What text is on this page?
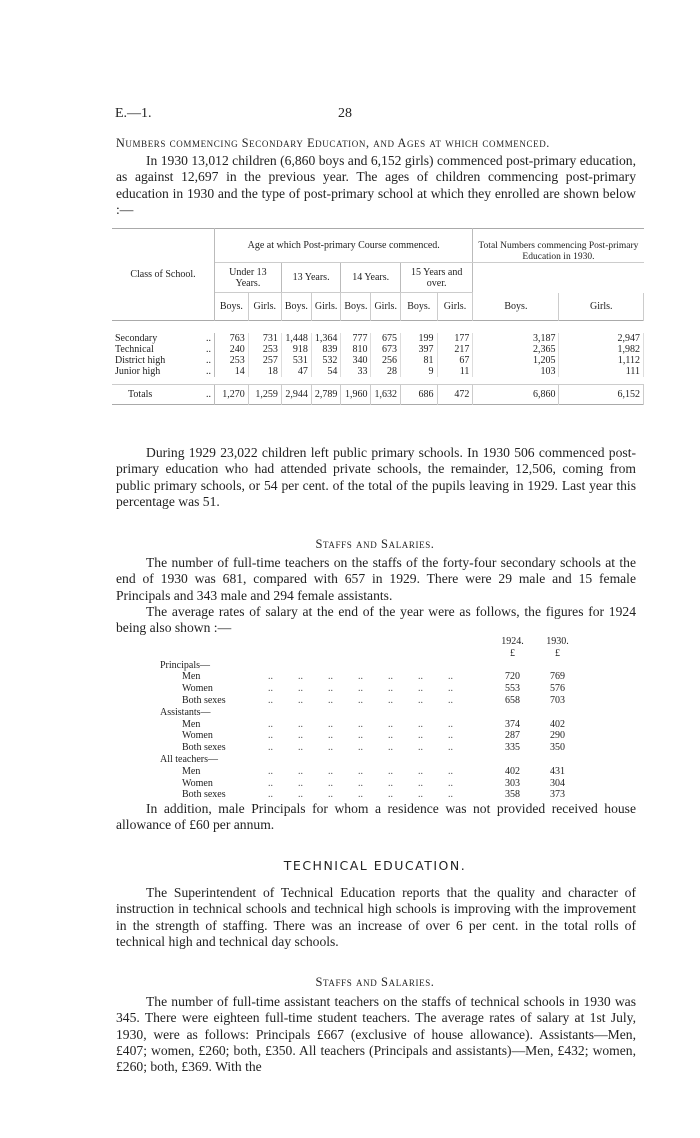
E.—1.	28
Numbers commencing Secondary Education, and Ages at which commenced.
In 1930 13,012 children (6,860 boys and 6,152 girls) commenced post-primary education, as against 12,697 in the previous year. The ages of children commencing post-primary education in 1930 and the type of post-primary school at which they enrolled are shown below :—
Class of School.	Age at which Post-primary Course commenced.								Total Numbers commencing Post-primary Education in 1930.	
	Under 13 Years.		13 Years.		14 Years.		15 Years and over.			
	Boys.	Girls.	Boys.	Girls.	Boys.	Girls.	Boys.	Girls.	Boys.	Girls.

Secondary ..	763	731	1,448	1,364	777	675	199	177	3,187	2,947
Technical ..	240	253	918	839	810	673	397	217	2,365	1,982
District high ..	253	257	531	532	340	256	81	67	1,205	1,112
Junior high ..	14	18	47	54	33	28	9	11	103	111

Totals ..	1,270	1,259	2,944	2,789	1,960	1,632	686	472	6,860	6,152
During 1929 23,022 children left public primary schools. In 1930 506 commenced post-primary education who had attended private schools, the remainder, 12,506, coming from public primary schools, or 54 per cent. of the total of the pupils leaving in 1929. Last year this percentage was 51.
Staffs and Salaries.
The number of full-time teachers on the staffs of the forty-four secondary schools at the end of 1930 was 681, compared with 657 in 1929. There were 29 male and 15 female Principals and 343 male and 294 female assistants.
The average rates of salary at the end of the year were as follows, the figures for 1924 being also shown :—
	1924.	1930.
	£	£
Principals—		
Men ..          ..          ..          ..          ..          ..          ..	720	769
Women ..          ..          ..          ..          ..          ..          ..	553	576
Both sexes ..          ..          ..          ..          ..          ..          ..	658	703
Assistants—		
Men ..          ..          ..          ..          ..          ..          ..	374	402
Women ..          ..          ..          ..          ..          ..          ..	287	290
Both sexes ..          ..          ..          ..          ..          ..          ..	335	350
All teachers—		
Men ..          ..          ..          ..          ..          ..          ..	402	431
Women ..          ..          ..          ..          ..          ..          ..	303	304
Both sexes ..          ..          ..          ..          ..          ..          ..	358	373
In addition, male Principals for whom a residence was not provided received house allowance of £60 per annum.
TECHNICAL EDUCATION.
The Superintendent of Technical Education reports that the quality and character of instruction in technical schools and technical high schools is improving with the improvement in the strength of staffing. There was an increase of over 6 per cent. in the total rolls of technical high and technical day schools.
Staffs and Salaries.
The number of full-time assistant teachers on the staffs of technical schools in 1930 was 345. There were eighteen full-time student teachers. The average rates of salary at 1st July, 1930, were as follows: Principals £667 (exclusive of house allowance). Assistants—Men, £407; women, £260; both, £350. All teachers (Principals and assistants)—Men, £432; women, £260; both, £369. With the
